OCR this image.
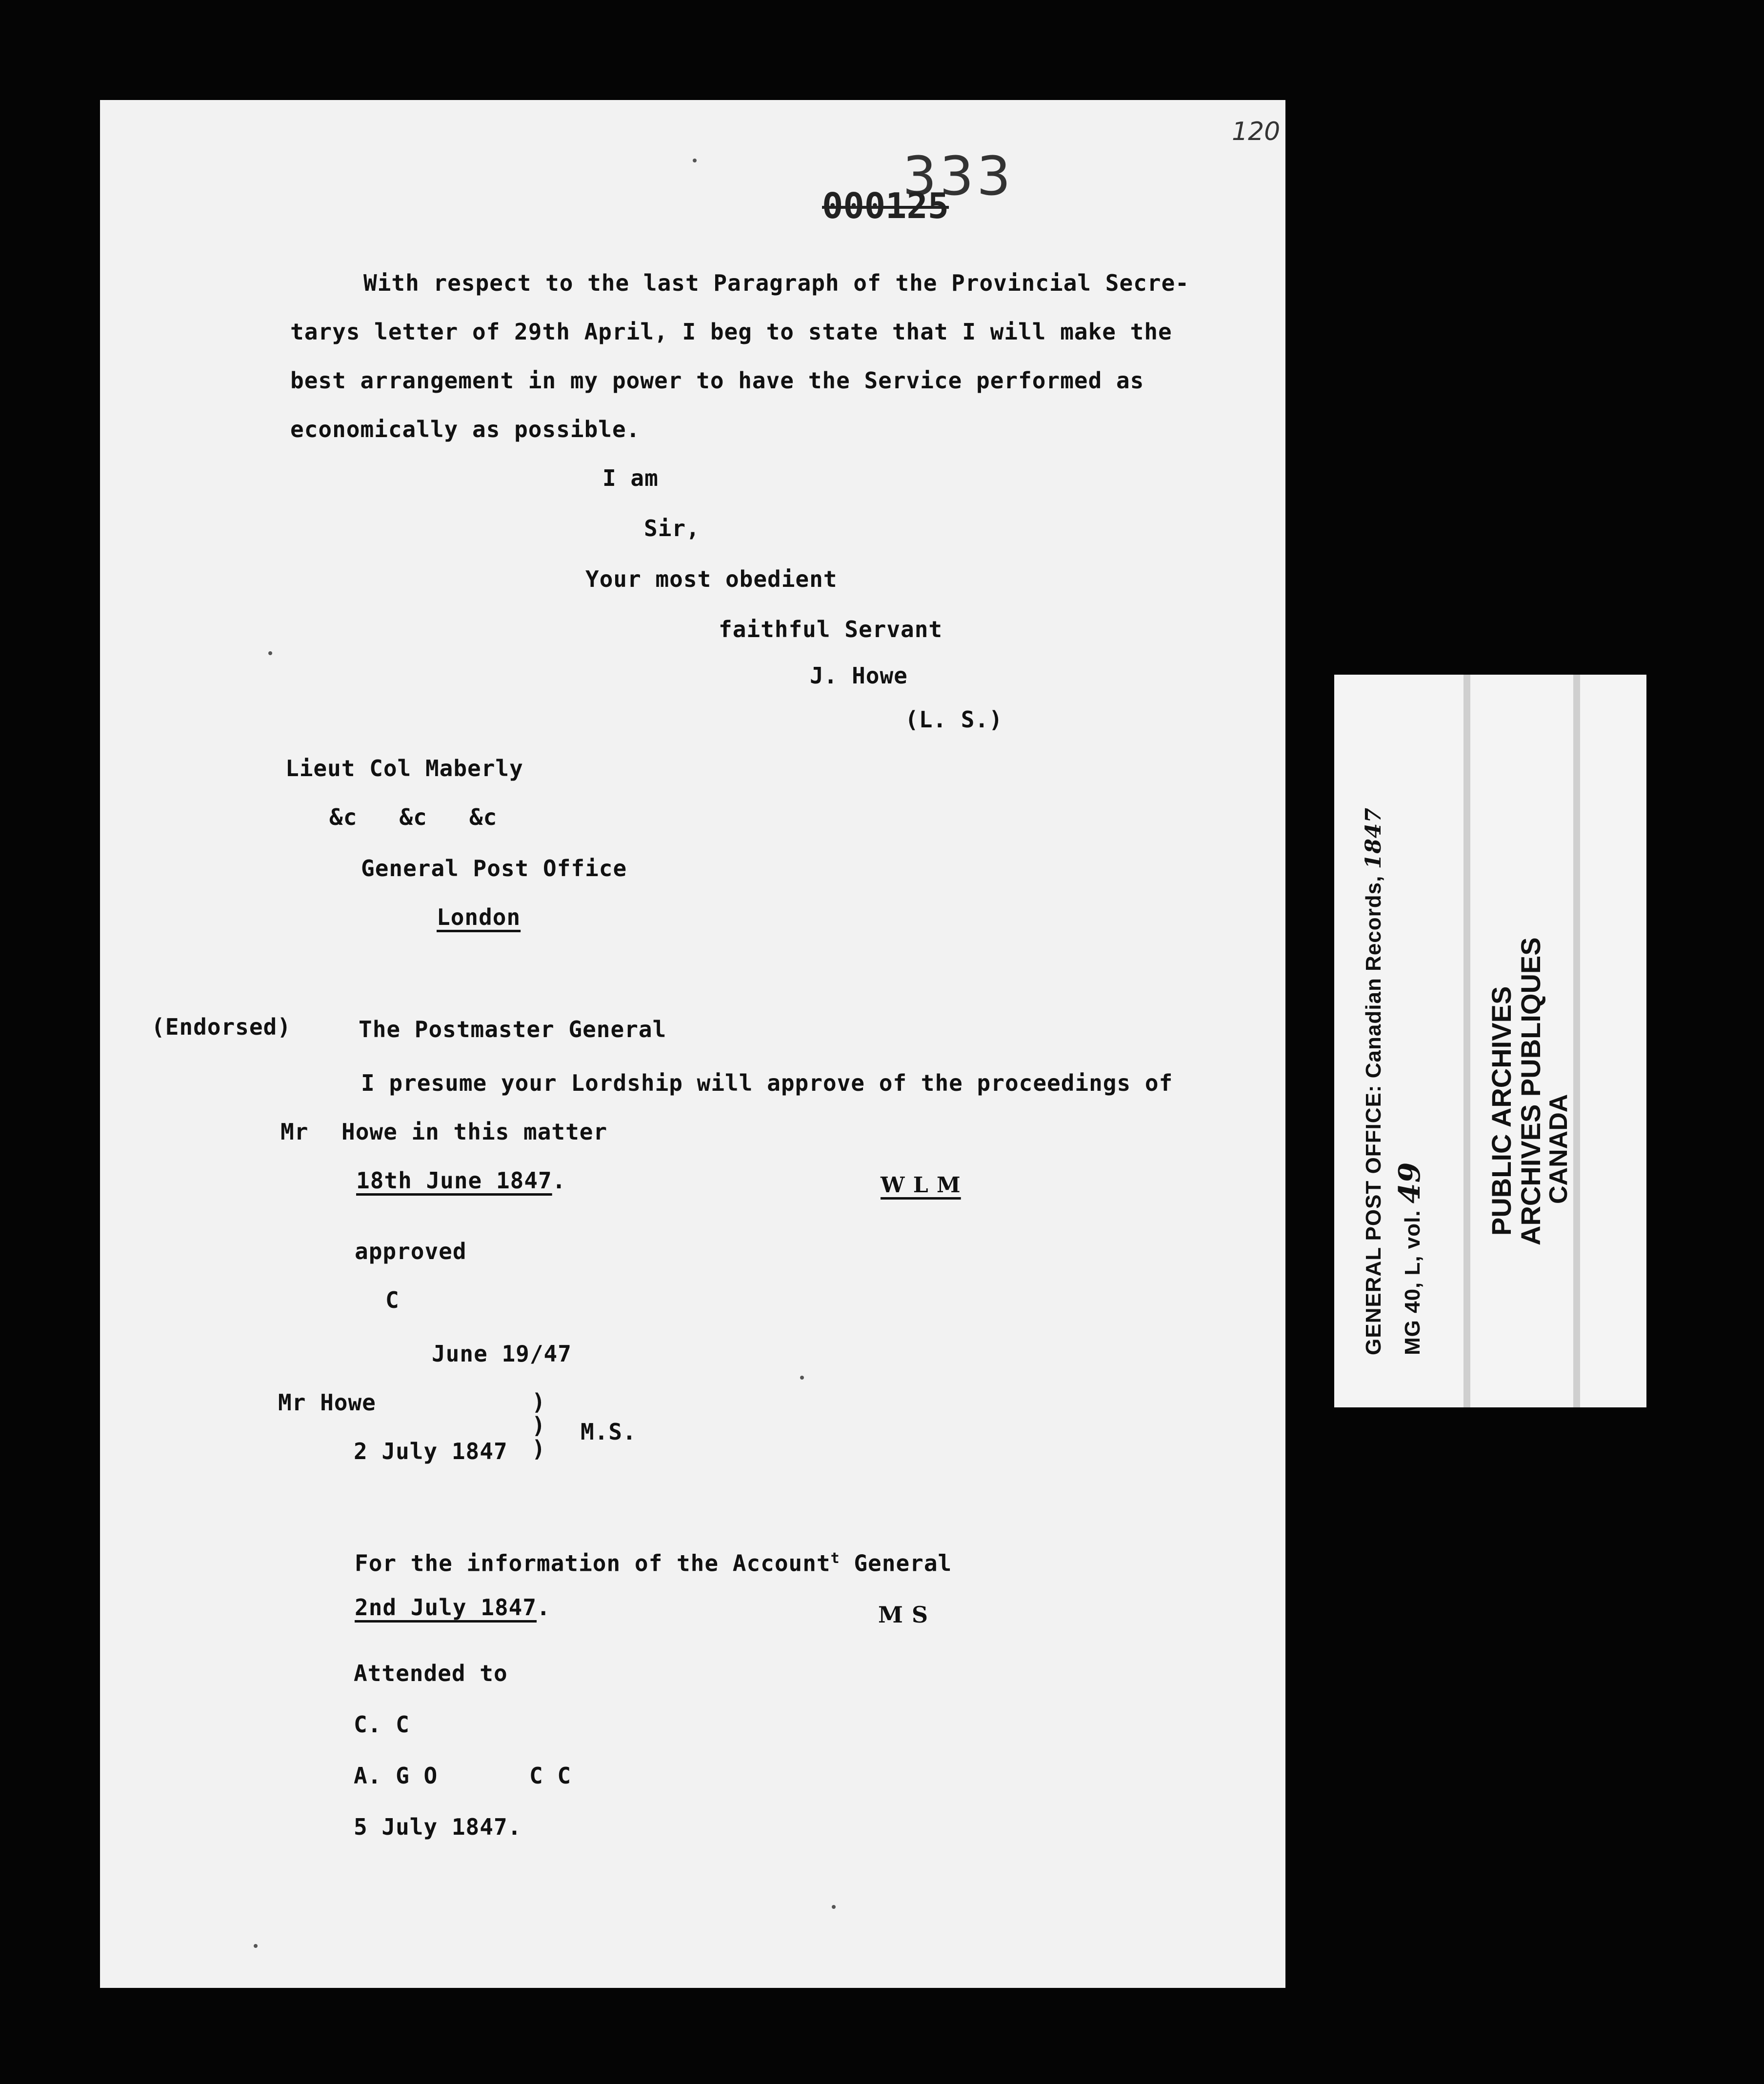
120
333
000125
With respect to the last Paragraph of the Provincial Secre-
tarys letter of 29th April, I beg to state that I will make the
best arrangement in my power to have the Service performed as
economically as possible.
I am
Sir,
Your most obedient
faithful Servant
J. Howe
(L. S.)
Lieut Col Maberly
&c   &c   &c
General Post Office
London
(Endorsed)	The Postmaster General
I presume your Lordship will approve of the proceedings of
Mr Howe in this matter
18th June 1847.	W L M
approved
C
June 19/47
Mr Howe
2 July 1847
)
)
)
M.S.
For the information of the Account$^t$ General
2nd July 1847.	M S
Attended to
C. C
A. G O	C C
5 July 1847.
GENERAL POST OFFICE: Canadian Records, 1847
MG 40, L, vol. 49 PUBLIC ARCHIVES
ARCHIVES PUBLIQUES
CANADA
